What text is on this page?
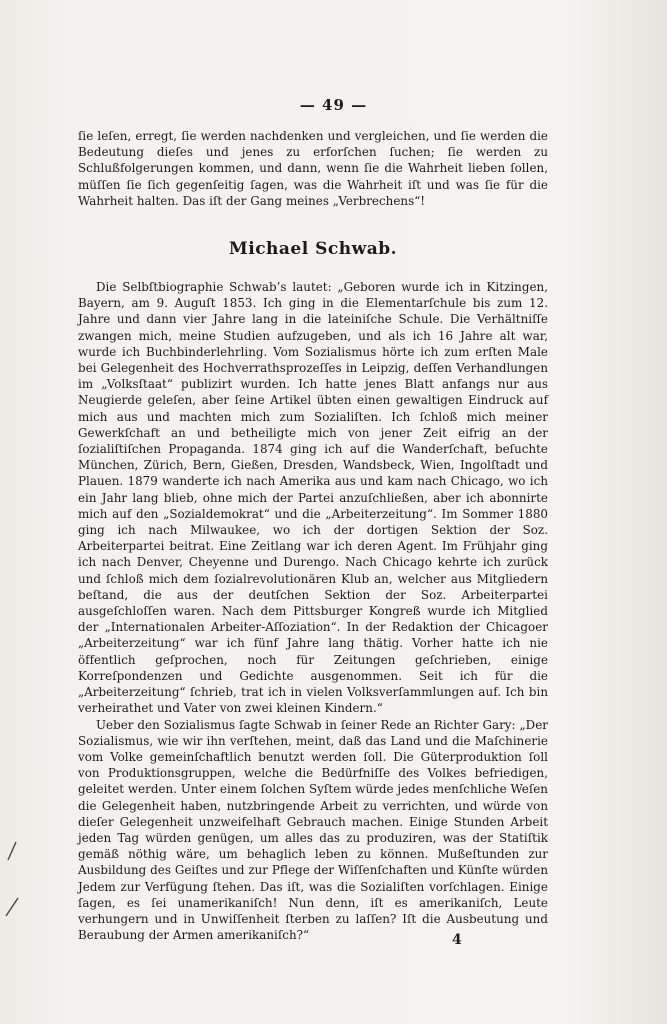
— 49 —

ſie leſen, erregt, ſie werden nachdenken und vergleichen, und ſie werden die Bedeutung dieſes und jenes zu erforſchen ſuchen; ſie werden zu Schlußfolgerungen kommen, und dann, wenn ſie die Wahrheit lieben ſollen, müſſen ſie ſich gegenſeitig ſagen, was die Wahrheit iſt und was ſie für die Wahrheit halten. Das iſt der Gang meines „Verbrechens“!

Michael Schwab.

Die Selbſtbiographie Schwab’s lautet: „Geboren wurde ich in Kitzingen, Bayern, am 9. Auguſt 1853. Ich ging in die Elementarſchule bis zum 12. Jahre und dann vier Jahre lang in die lateiniſche Schule. Die Verhältniſſe zwangen mich, meine Studien aufzugeben, und als ich 16 Jahre alt war, wurde ich Buchbinderlehrling. Vom Sozialismus hörte ich zum erſten Male bei Gelegenheit des Hochverrathsprozeſſes in Leipzig, deſſen Verhandlungen im „Volksſtaat“ publizirt wurden. Ich hatte jenes Blatt anfangs nur aus Neugierde geleſen, aber ſeine Artikel übten einen gewaltigen Eindruck auf mich aus und machten mich zum Sozialiſten. Ich ſchloß mich meiner Gewerkſchaft an und betheiligte mich von jener Zeit eifrig an der ſozialiſtiſchen Propaganda. 1874 ging ich auf die Wanderſchaft, beſuchte München, Zürich, Bern, Gießen, Dresden, Wandsbeck, Wien, Ingolſtadt und Plauen. 1879 wanderte ich nach Amerika aus und kam nach Chicago, wo ich ein Jahr lang blieb, ohne mich der Partei anzuſchließen, aber ich abonnirte mich auf den „Sozialdemokrat“ und die „Arbeiterzeitung“. Im Sommer 1880 ging ich nach Milwaukee, wo ich der dortigen Sektion der Soz. Arbeiterpartei beitrat. Eine Zeitlang war ich deren Agent. Im Frühjahr ging ich nach Denver, Cheyenne und Durengo. Nach Chicago kehrte ich zurück und ſchloß mich dem ſozialrevolutionären Klub an, welcher aus Mitgliedern beſtand, die aus der deutſchen Sektion der Soz. Arbeiterpartei ausgeſchloſſen waren. Nach dem Pittsburger Kongreß wurde ich Mitglied der „Internationalen Arbeiter-Aſſoziation“. In der Redaktion der Chicagoer „Arbeiterzeitung“ war ich fünf Jahre lang thätig. Vorher hatte ich nie öffentlich geſprochen, noch für Zeitungen geſchrieben, einige Korreſpondenzen und Gedichte ausgenommen. Seit ich für die „Arbeiterzeitung“ ſchrieb, trat ich in vielen Volksverſammlungen auf. Ich bin verheirathet und Vater von zwei kleinen Kindern.“

Ueber den Sozialismus ſagte Schwab in ſeiner Rede an Richter Gary: „Der Sozialismus, wie wir ihn verſtehen, meint, daß das Land und die Maſchinerie vom Volke gemeinſchaftlich benutzt werden ſoll. Die Güterproduktion ſoll von Produktionsgruppen, welche die Bedürfniſſe des Volkes befriedigen, geleitet werden. Unter einem ſolchen Syſtem würde jedes menſchliche Weſen die Gelegenheit haben, nutzbringende Arbeit zu verrichten, und würde von dieſer Gelegenheit unzweifelhaft Gebrauch machen. Einige Stunden Arbeit jeden Tag würden genügen, um alles das zu produziren, was der Statiſtik gemäß nöthig wäre, um behaglich leben zu können. Mußeſtunden zur Ausbildung des Geiſtes und zur Pflege der Wiſſenſchaften und Künſte würden Jedem zur Verfügung ſtehen. Das iſt, was die Sozialiſten vorſchlagen. Einige ſagen, es ſei unamerikaniſch! Nun denn, iſt es amerikaniſch, Leute verhungern und in Unwiſſenheit ſterben zu laſſen? Iſt die Ausbeutung und Beraubung der Armen amerikaniſch?“	4
